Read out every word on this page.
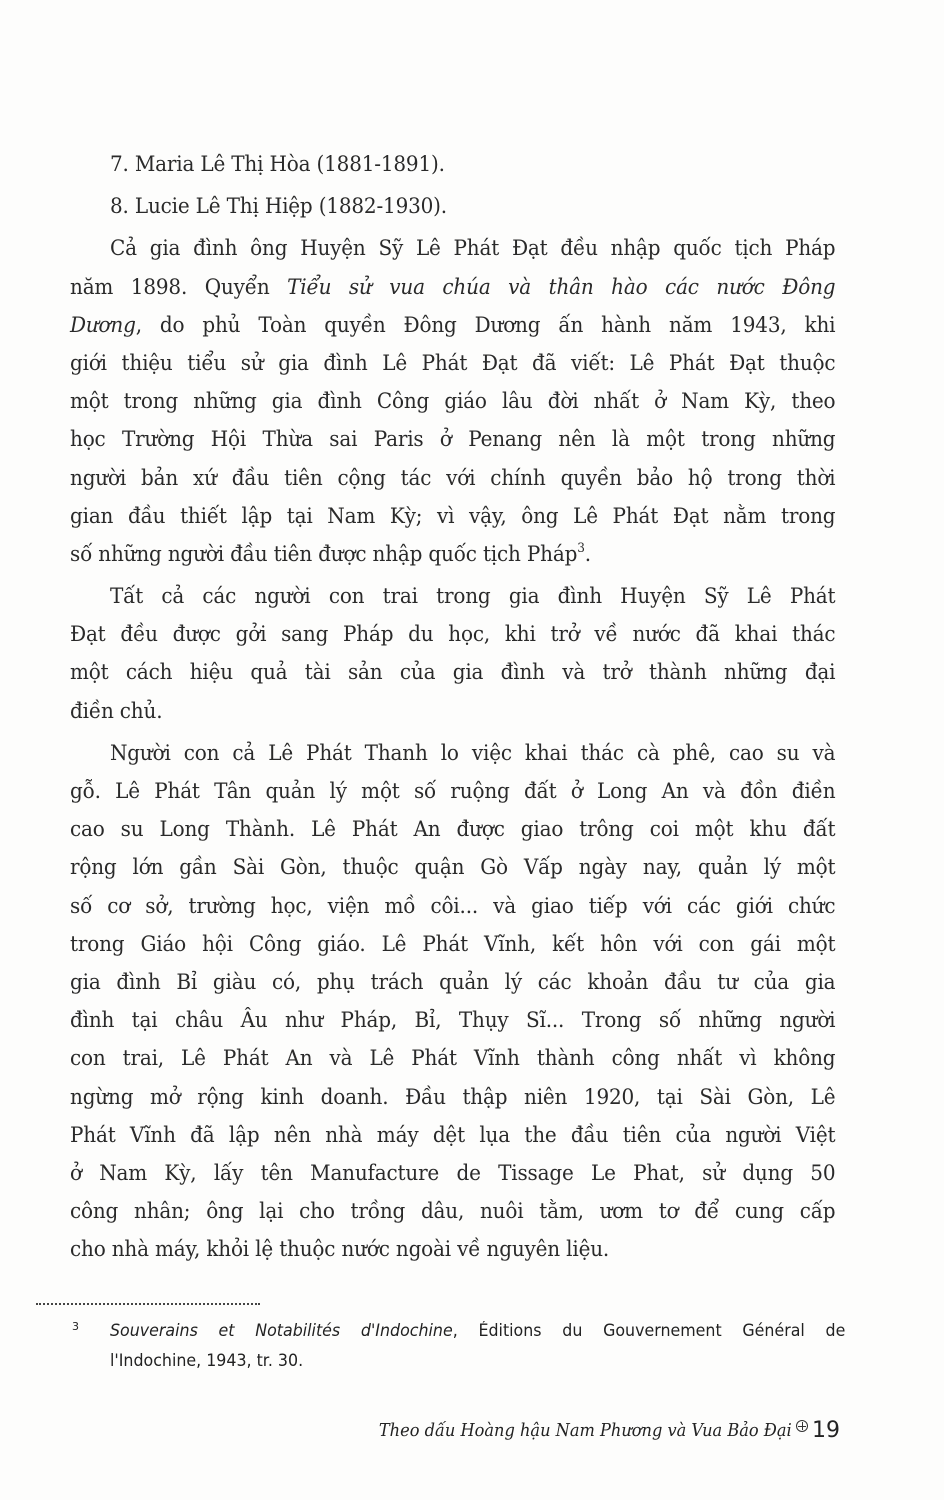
7. Maria Lê Thị Hòa (1881-1891).
8. Lucie Lê Thị Hiệp (1882-1930).
Cả gia đình ông Huyện Sỹ Lê Phát Đạt đều nhập quốc tịch Pháp
năm 1898. Quyển Tiểu sử vua chúa và thân hào các nước Đông
Dương, do phủ Toàn quyền Đông Dương ấn hành năm 1943, khi
giới thiệu tiểu sử gia đình Lê Phát Đạt đã viết: Lê Phát Đạt thuộc
một trong những gia đình Công giáo lâu đời nhất ở Nam Kỳ, theo
học Trường Hội Thừa sai Paris ở Penang nên là một trong những
người bản xứ đầu tiên cộng tác với chính quyền bảo hộ trong thời
gian đầu thiết lập tại Nam Kỳ; vì vậy, ông Lê Phát Đạt nằm trong
số những người đầu tiên được nhập quốc tịch Pháp$^3$.
Tất cả các người con trai trong gia đình Huyện Sỹ Lê Phát
Đạt đều được gởi sang Pháp du học, khi trở về nước đã khai thác
một cách hiệu quả tài sản của gia đình và trở thành những đại
điền chủ.
Người con cả Lê Phát Thanh lo việc khai thác cà phê, cao su và
gỗ. Lê Phát Tân quản lý một số ruộng đất ở Long An và đồn điền
cao su Long Thành. Lê Phát An được giao trông coi một khu đất
rộng lớn gần Sài Gòn, thuộc quận Gò Vấp ngày nay, quản lý một
số cơ sở, trường học, viện mồ côi... và giao tiếp với các giới chức
trong Giáo hội Công giáo. Lê Phát Vĩnh, kết hôn với con gái một
gia đình Bỉ giàu có, phụ trách quản lý các khoản đầu tư của gia
đình tại châu Âu như Pháp, Bỉ, Thụy Sĩ... Trong số những người
con trai, Lê Phát An và Lê Phát Vĩnh thành công nhất vì không
ngừng mở rộng kinh doanh. Đầu thập niên 1920, tại Sài Gòn, Lê
Phát Vĩnh đã lập nên nhà máy dệt lụa the đầu tiên của người Việt
ở Nam Kỳ, lấy tên Manufacture de Tissage Le Phat, sử dụng 50
công nhân; ông lại cho trồng dâu, nuôi tằm, ươm tơ để cung cấp
cho nhà máy, khỏi lệ thuộc nước ngoài về nguyên liệu.
3 Souverains et Notabilités d'Indochine, Éditions du Gouvernement Général de
l'Indochine, 1943, tr. 30.
Theo dấu Hoàng hậu Nam Phương và Vua Bảo Đại 19
